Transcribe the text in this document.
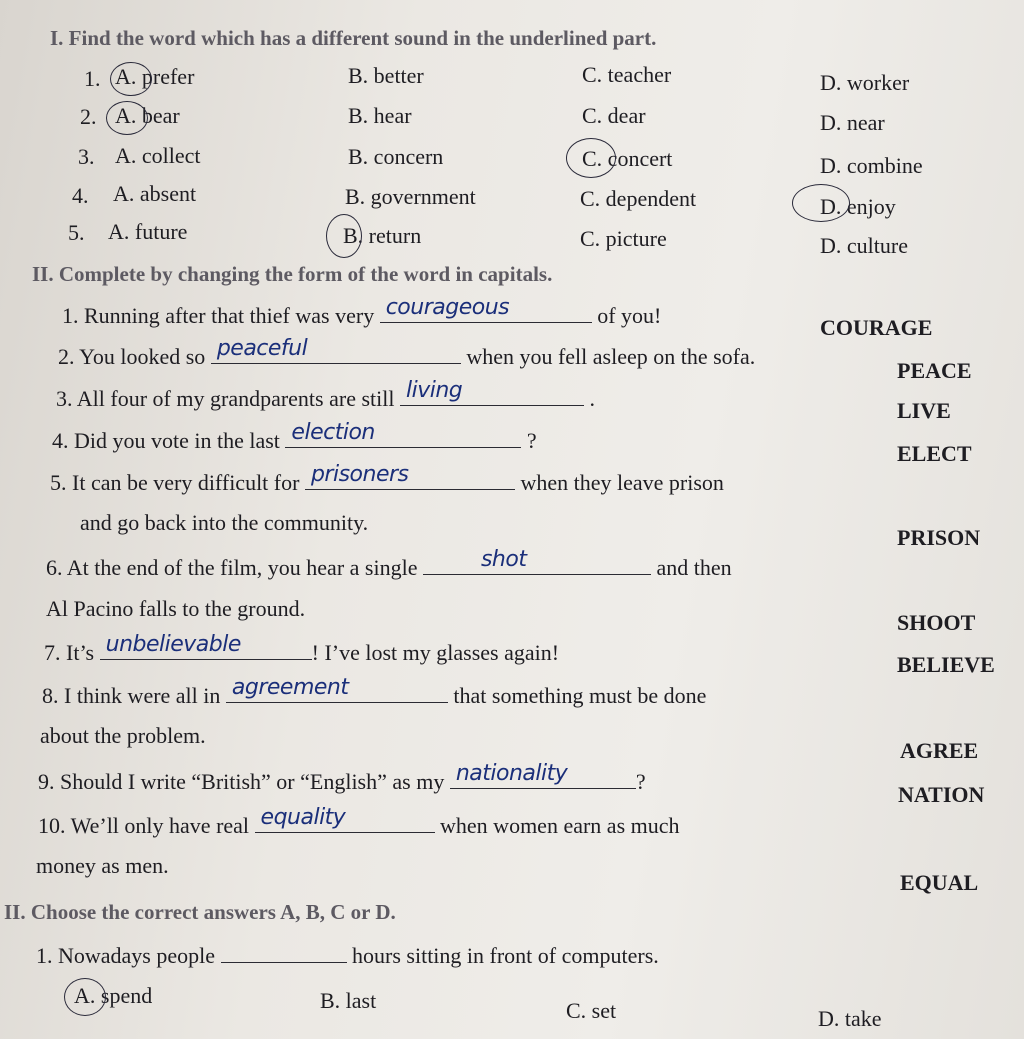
I. Find the word which has a different sound in the underlined part.
1. A. prefer	B. better	C. teacher	D. worker
2. A. bear	B. hear	C. dear	D. near
3. A. collect	B. concern	C. concert	D. combine
4. A. absent	B. government	C. dependent	D. enjoy
5. A. future	B. return	C. picture	D. culture
II. Complete by changing the form of the word in capitals.
1. Running after that thief was very courageous	of you!	COURAGE
2. You looked so peaceful	when you fell asleep on the sofa.
PEACE
3. All four of my grandparents are still living	.	LIVE
4. Did you vote in the last election	?
ELECT
5. It can be very difficult for prisoners	when they leave prison
and go back into the community.
PRISON
6. At the end of the film, you hear a single	shot	and then
Al Pacino falls to the ground.
SHOOT
7. It’s unbelievable	! I’ve lost my glasses again!	BELIEVE
8. I think were all in agreement	that something must be done
about the problem.
AGREE
9. Should I write “British” or “English” as my nationality	?
NATION
10. We’ll only have real equality	when women earn as much
money as men.
EQUAL
II. Choose the correct answers A, B, C or D.
1. Nowadays people	hours sitting in front of computers.
A. spend	B. last	C. set	D. take
